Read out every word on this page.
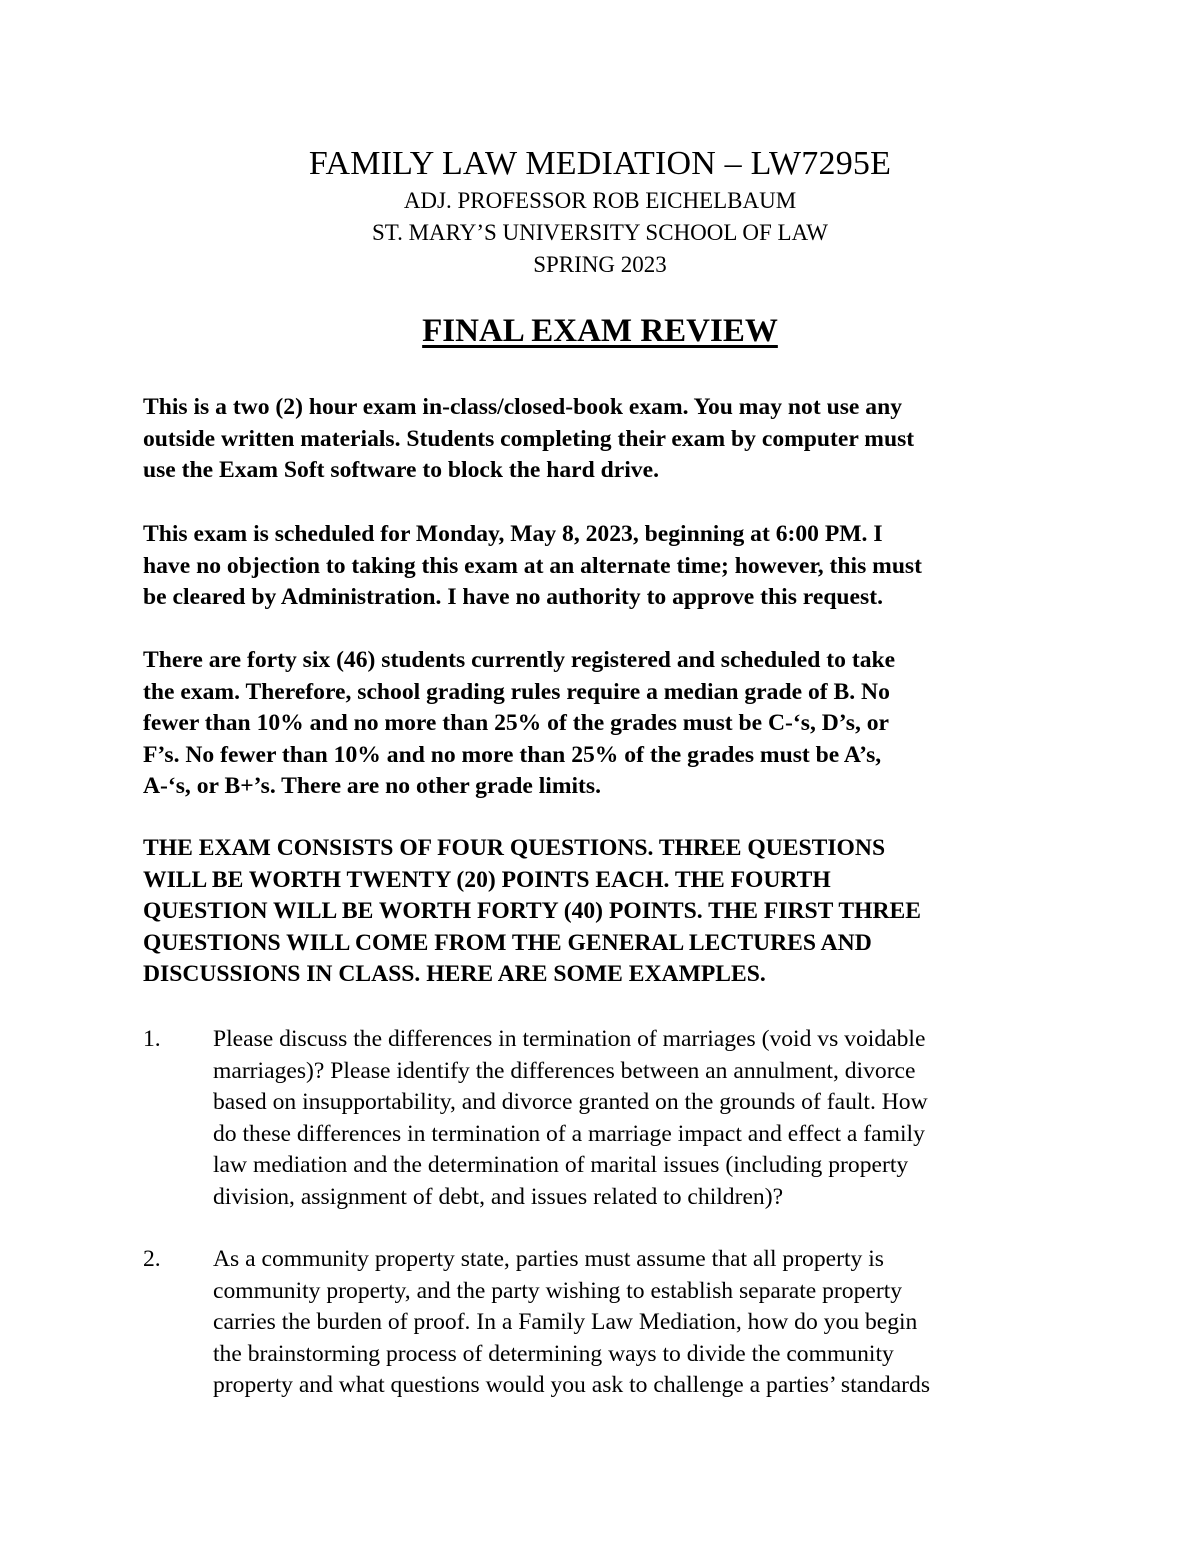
FAMILY LAW MEDIATION – LW7295E

ADJ. PROFESSOR ROB EICHELBAUM

ST. MARY’S UNIVERSITY SCHOOL OF LAW

SPRING 2023

FINAL EXAM REVIEW
This is a two (2) hour exam in-class/closed-book exam. You may not use any
outside written materials. Students completing their exam by computer must
use the Exam Soft software to block the hard drive.
This exam is scheduled for Monday, May 8, 2023, beginning at 6:00 PM. I
have no objection to taking this exam at an alternate time; however, this must
be cleared by Administration. I have no authority to approve this request.
There are forty six (46) students currently registered and scheduled to take
the exam. Therefore, school grading rules require a median grade of B. No
fewer than 10% and no more than 25% of the grades must be C-‘s, D’s, or
F’s. No fewer than 10% and no more than 25% of the grades must be A’s,
A-‘s, or B+’s. There are no other grade limits.
THE EXAM CONSISTS OF FOUR QUESTIONS. THREE QUESTIONS
WILL BE WORTH TWENTY (20) POINTS EACH. THE FOURTH
QUESTION WILL BE WORTH FORTY (40) POINTS. THE FIRST THREE
QUESTIONS WILL COME FROM THE GENERAL LECTURES AND
DISCUSSIONS IN CLASS. HERE ARE SOME EXAMPLES.
1. Please discuss the differences in termination of marriages (void vs voidable
marriages)? Please identify the differences between an annulment, divorce
based on insupportability, and divorce granted on the grounds of fault. How
do these differences in termination of a marriage impact and effect a family
law mediation and the determination of marital issues (including property
division, assignment of debt, and issues related to children)?
2. As a community property state, parties must assume that all property is
community property, and the party wishing to establish separate property
carries the burden of proof. In a Family Law Mediation, how do you begin
the brainstorming process of determining ways to divide the community
property and what questions would you ask to challenge a parties’ standards
